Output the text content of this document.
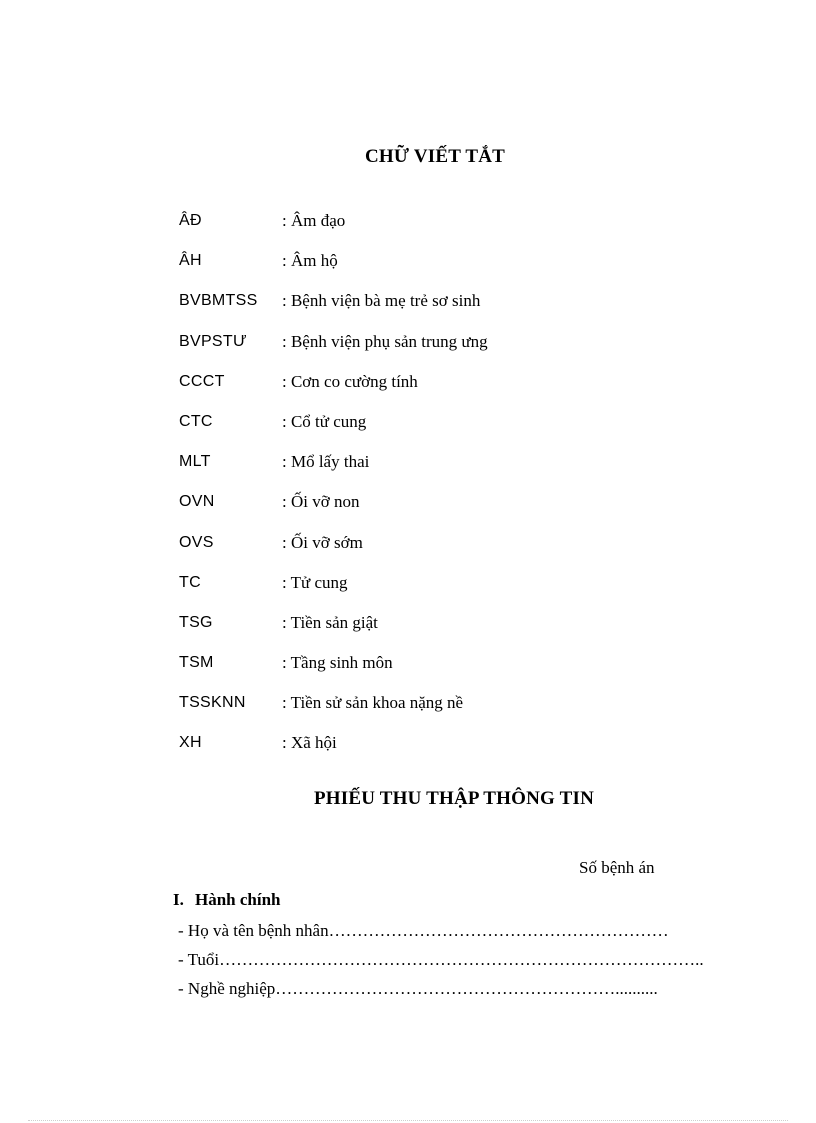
CHỮ VIẾT TẮT
ÂĐ	: Âm đạo
ÂH	: Âm hộ
BVBMTSS : Bệnh viện bà mẹ trẻ sơ sinh
BVPSTƯ : Bệnh viện phụ sản trung ưng
CCCT	: Cơn co cường tính
CTC	: Cổ tử cung
MLT	: Mổ lấy thai
OVN	: Ối vỡ non
OVS	: Ối vỡ sớm
TC	: Tử cung
TSG	: Tiền sản giật
TSM	: Tầng sinh môn
TSSKNN : Tiền sử sản khoa nặng nề
XH	: Xã hội
PHIẾU THU THẬP THÔNG TIN
Số bệnh án
I. Hành chính
- Họ và tên bệnh nhân……………………………………………………
- Tuổi…………………………………………………………………………..
- Nghề nghiệp……………………………………………………..........
